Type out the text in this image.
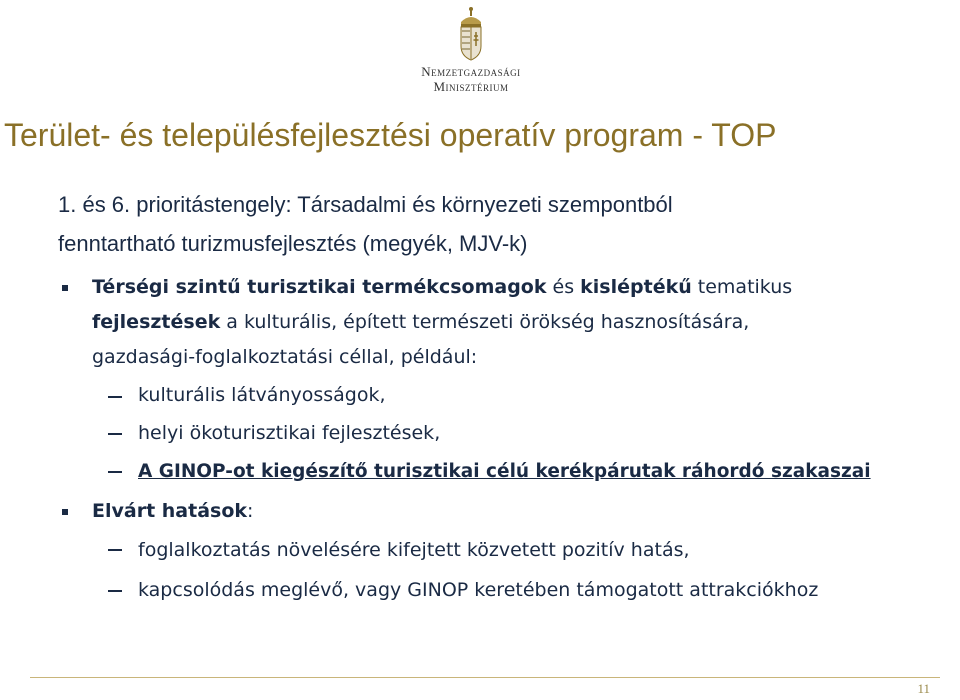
Nemzetgazdasági
Minisztérium
Terület- és településfejlesztési operatív program - TOP
1. és 6. prioritástengely: Társadalmi és környezeti szempontból
fenntartható turizmusfejlesztés (megyék, MJV-k)
Térségi szintű turisztikai termékcsomagok és kisléptékű tematikus
fejlesztések a kulturális, épített természeti örökség hasznosítására,
gazdasági-foglalkoztatási céllal, például:
kulturális látványosságok,
helyi ökoturisztikai fejlesztések,
A GINOP-ot kiegészítő turisztikai célú kerékpárutak ráhordó szakaszai
Elvárt hatások:
foglalkoztatás növelésére kifejtett közvetett pozitív hatás,
kapcsolódás meglévő, vagy GINOP keretében támogatott attrakciókhoz
11
